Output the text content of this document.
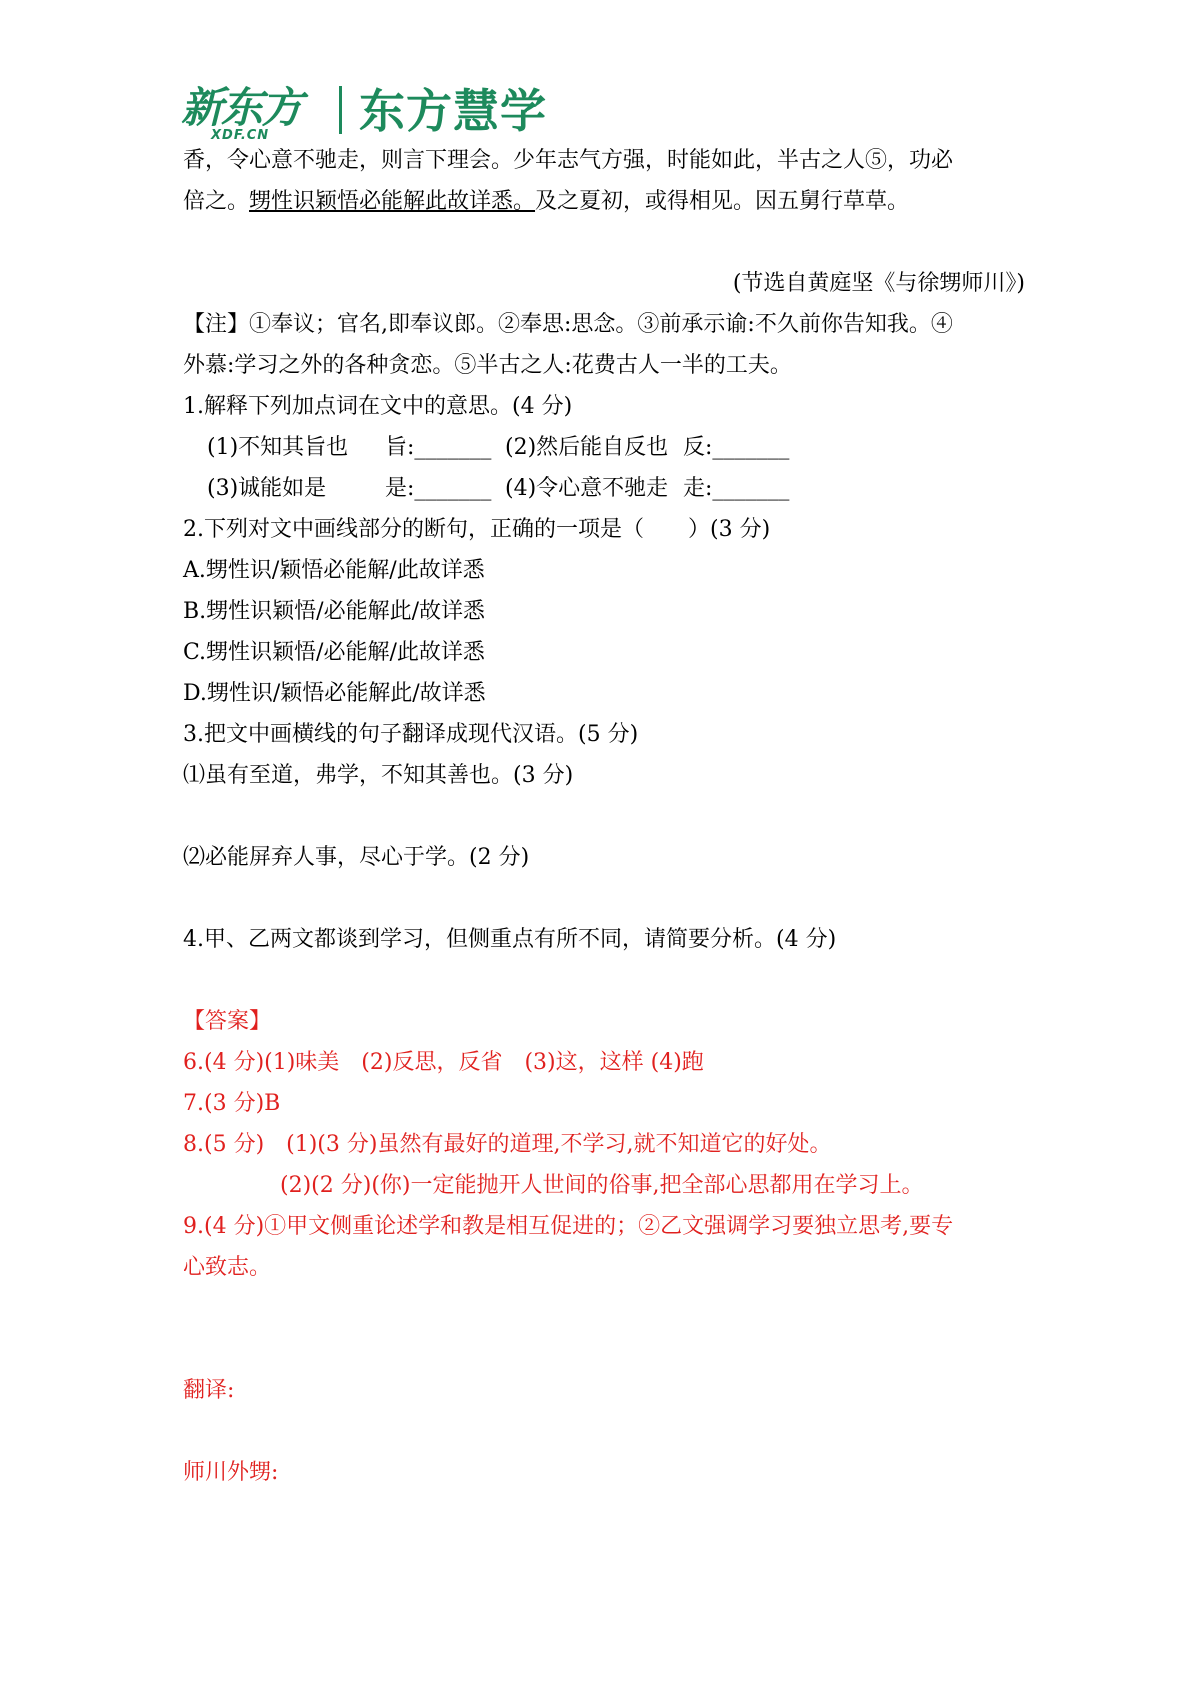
新东方
XDF.CN 东方慧学
香，令心意不驰走，则言下理会。少年志气方强，时能如此，半古之人⑤，功必
倍之。甥性识颖悟必能解此故详悉。及之夏初，或得相见。因五舅行草草。
(节选自黄庭坚《与徐甥师川》)
【注】①奉议；官名,即奉议郎。②奉思:思念。③前承示谕:不久前你告知我。④
外慕:学习之外的各种贪恋。⑤半古之人:花费古人一半的工夫。
1.解释下列加点词在文中的意思。(4 分)
(1)不知其旨也 旨:_______ (2)然后能自反也 反:_______
(3)诚能如是	是:_______ (4)令心意不驰走 走:_______
2.下列对文中画线部分的断句，正确的一项是（　　）(3 分)
A.甥性识/颖悟必能解/此故详悉
B.甥性识颖悟/必能解此/故详悉
C.甥性识颖悟/必能解/此故详悉
D.甥性识/颖悟必能解此/故详悉
3.把文中画横线的句子翻译成现代汉语。(5 分)
⑴虽有至道，弗学，不知其善也。(3 分)
⑵必能屏弃人事，尽心于学。(2 分)
4.甲、乙两文都谈到学习，但侧重点有所不同，请简要分析。(4 分)
【答案】
6.(4 分)(1)味美　(2)反思，反省　(3)这，这样 (4)跑
7.(3 分)B
8.(5 分)　(1)(3 分)虽然有最好的道理,不学习,就不知道它的好处。
(2)(2 分)(你)一定能抛开人世间的俗事,把全部心思都用在学习上。
9.(4 分)①甲文侧重论述学和教是相互促进的；②乙文强调学习要独立思考,要专
心致志。
翻译:
师川外甥:
